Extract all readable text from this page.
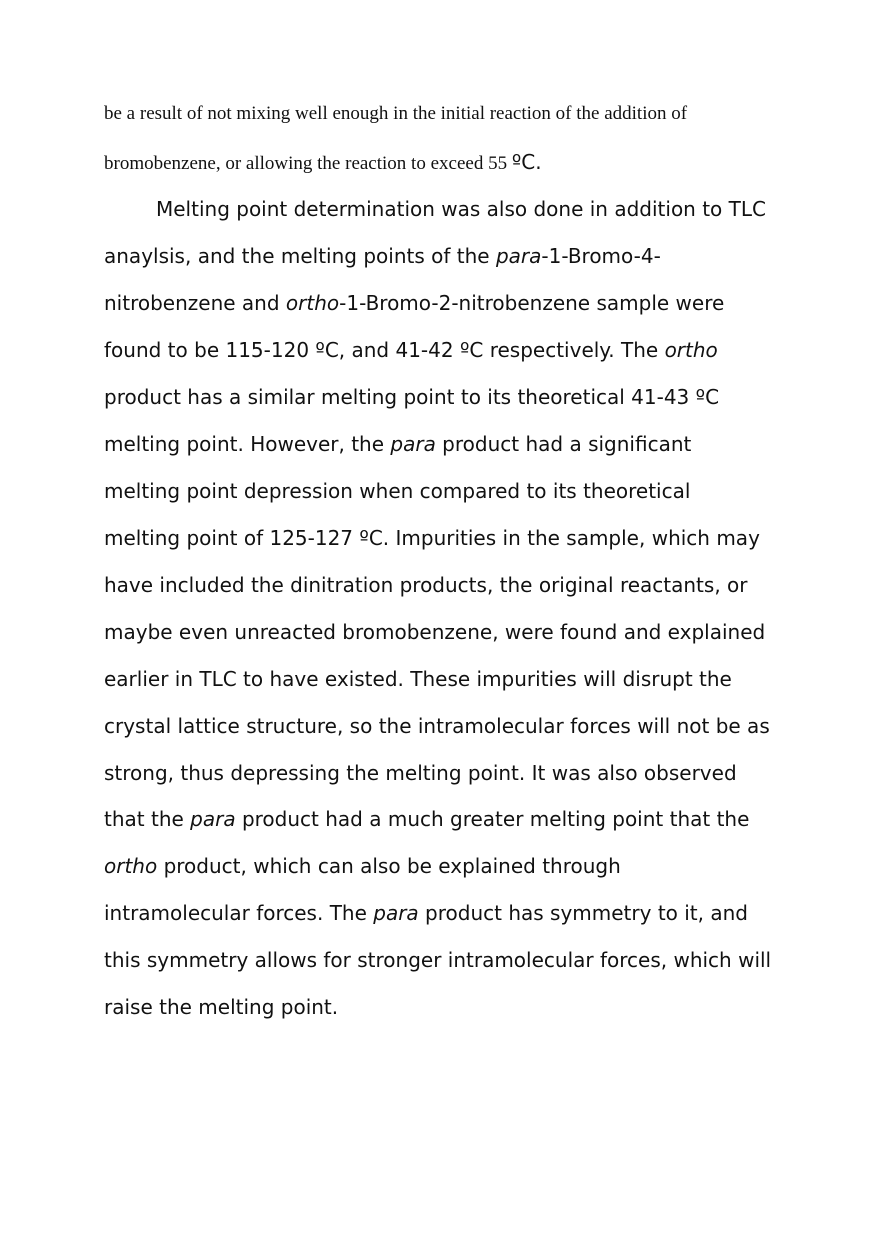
be a result of not mixing well enough in the initial reaction of the addition of
bromobenzene, or allowing the reaction to exceed 55 ºC.
Melting point determination was also done in addition to TLC
anaylsis, and the melting points of the para-1-Bromo-4-
nitrobenzene and ortho-1-Bromo-2-nitrobenzene sample were
found to be 115-120 ºC, and 41-42 ºC respectively. The ortho
product has a similar melting point to its theoretical 41-43 ºC
melting point. However, the para product had a significant
melting point depression when compared to its theoretical
melting point of 125-127 ºC. Impurities in the sample, which may
have included the dinitration products, the original reactants, or
maybe even unreacted bromobenzene, were found and explained
earlier in TLC to have existed. These impurities will disrupt the
crystal lattice structure, so the intramolecular forces will not be as
strong, thus depressing the melting point. It was also observed
that the para product had a much greater melting point that the
ortho product, which can also be explained through
intramolecular forces. The para product has symmetry to it, and
this symmetry allows for stronger intramolecular forces, which will
raise the melting point.
